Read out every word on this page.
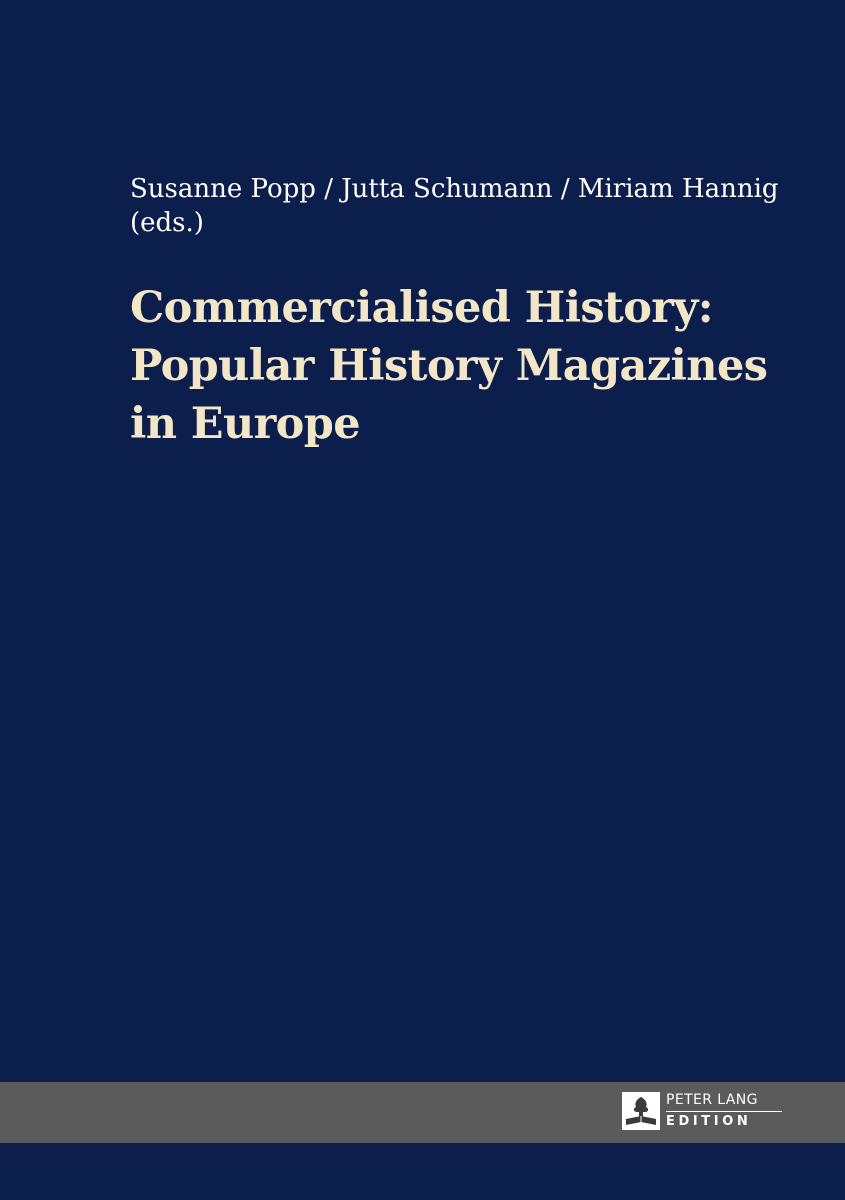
Susanne Popp / Jutta Schumann / Miriam Hannig
(eds.)
Commercialised History:
Popular History Magazines
in Europe
PETER LANG
EDITION
